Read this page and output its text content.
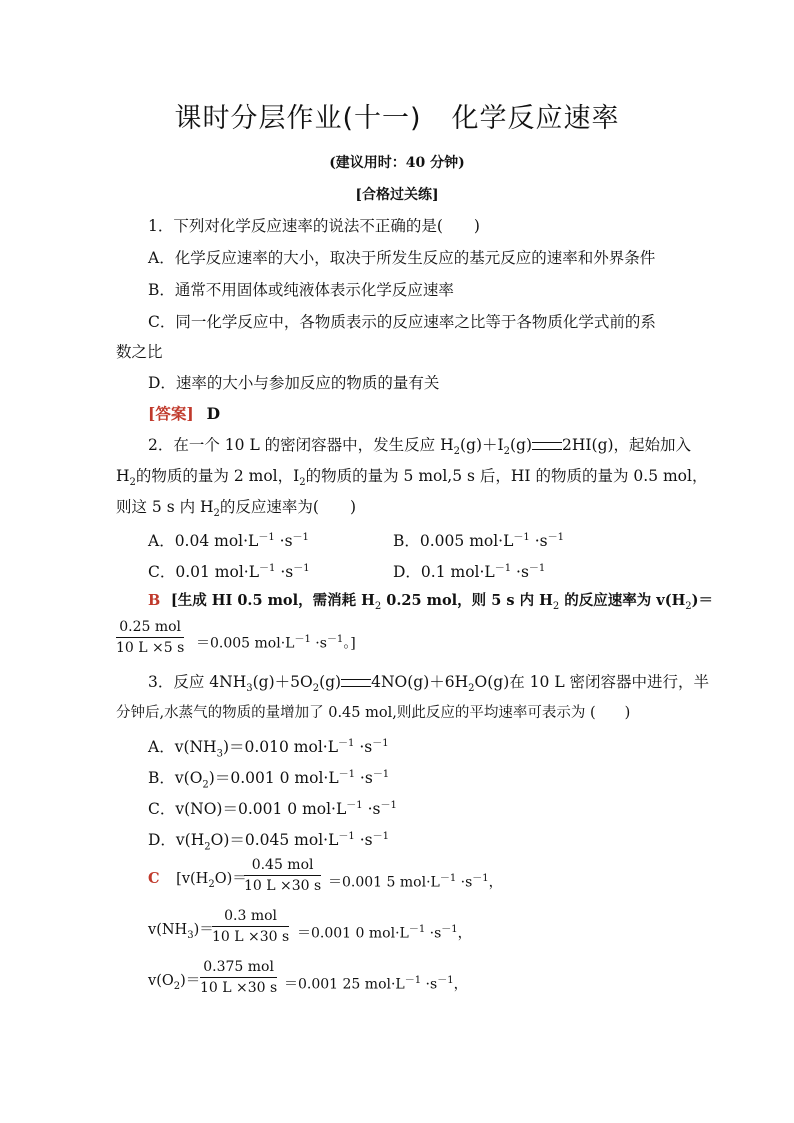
课时分层作业(十一) 化学反应速率
(建议用时：40 分钟)
[合格过关练]
1．下列对化学反应速率的说法不正确的是(　　)
A．化学反应速率的大小，取决于所发生反应的基元反应的速率和外界条件
B．通常不用固体或纯液体表示化学反应速率
C．同一化学反应中，各物质表示的反应速率之比等于各物质化学式前的系
数之比
D．速率的大小与参加反应的物质的量有关
[答案] D
2．在一个 10 L 的密闭容器中，发生反应 $H_2(g)+I_2(g)$ 2HI(g)，起始加入
$H_2$的物质的量为 2 mol，$I_2$的物质的量为 5 mol,5 s 后，HI 的物质的量为 0.5 mol，
则这 5 s 内 $H_2$的反应速率为(　　)
A．0.04 $mol\cdot L^{-1} \cdot s^{-1}$	B．0.005 $mol\cdot L^{-1} \cdot s^{-1}$
C．0.01 $mol\cdot L^{-1} \cdot s^{-1}$	D．0.1 $mol\cdot L^{-1} \cdot s^{-1}$
B [生成 HI 0.5 mol，需消耗 $H_2$ 0.25 mol，则 5 s 内 $H_2$ 的反应速率为 $v(H_2)=$
0.25 mol
10 L ×5 s ＝0.005 $mol\cdot L^{-1} \cdot s^{-1}$。]
3．反应 $4NH_3(g)+5O_2(g)$ $4NO(g)+6H_2O(g)$在 10 L 密闭容器中进行，半
分钟后,水蒸气的物质的量增加了 0.45 mol,则此反应的平均速率可表示为 (　　)
A．$v(NH_3)=0.010$ $mol\cdot L^{-1} \cdot s^{-1}$
B．$v(O_2)=0.001$ 0 $mol\cdot L^{-1} \cdot s^{-1}$
C．v(NO)＝0.001 0 $mol\cdot L^{-1} \cdot s^{-1}$
D．$v(H_2O)=0.045$ $mol\cdot L^{-1} \cdot s^{-1}$
C [$v(H_2O)=$
0.45 mol
10 L ×30 s ＝0.001 5 $mol\cdot L^{-1} \cdot s^{-1}$，
$v(NH_3)=$
0.3 mol
10 L ×30 s ＝0.001 0 $mol\cdot L^{-1} \cdot s^{-1}$，
$v(O_2)=$
0.375 mol
10 L ×30 s ＝0.001 25 $mol\cdot L^{-1} \cdot s^{-1}$，
